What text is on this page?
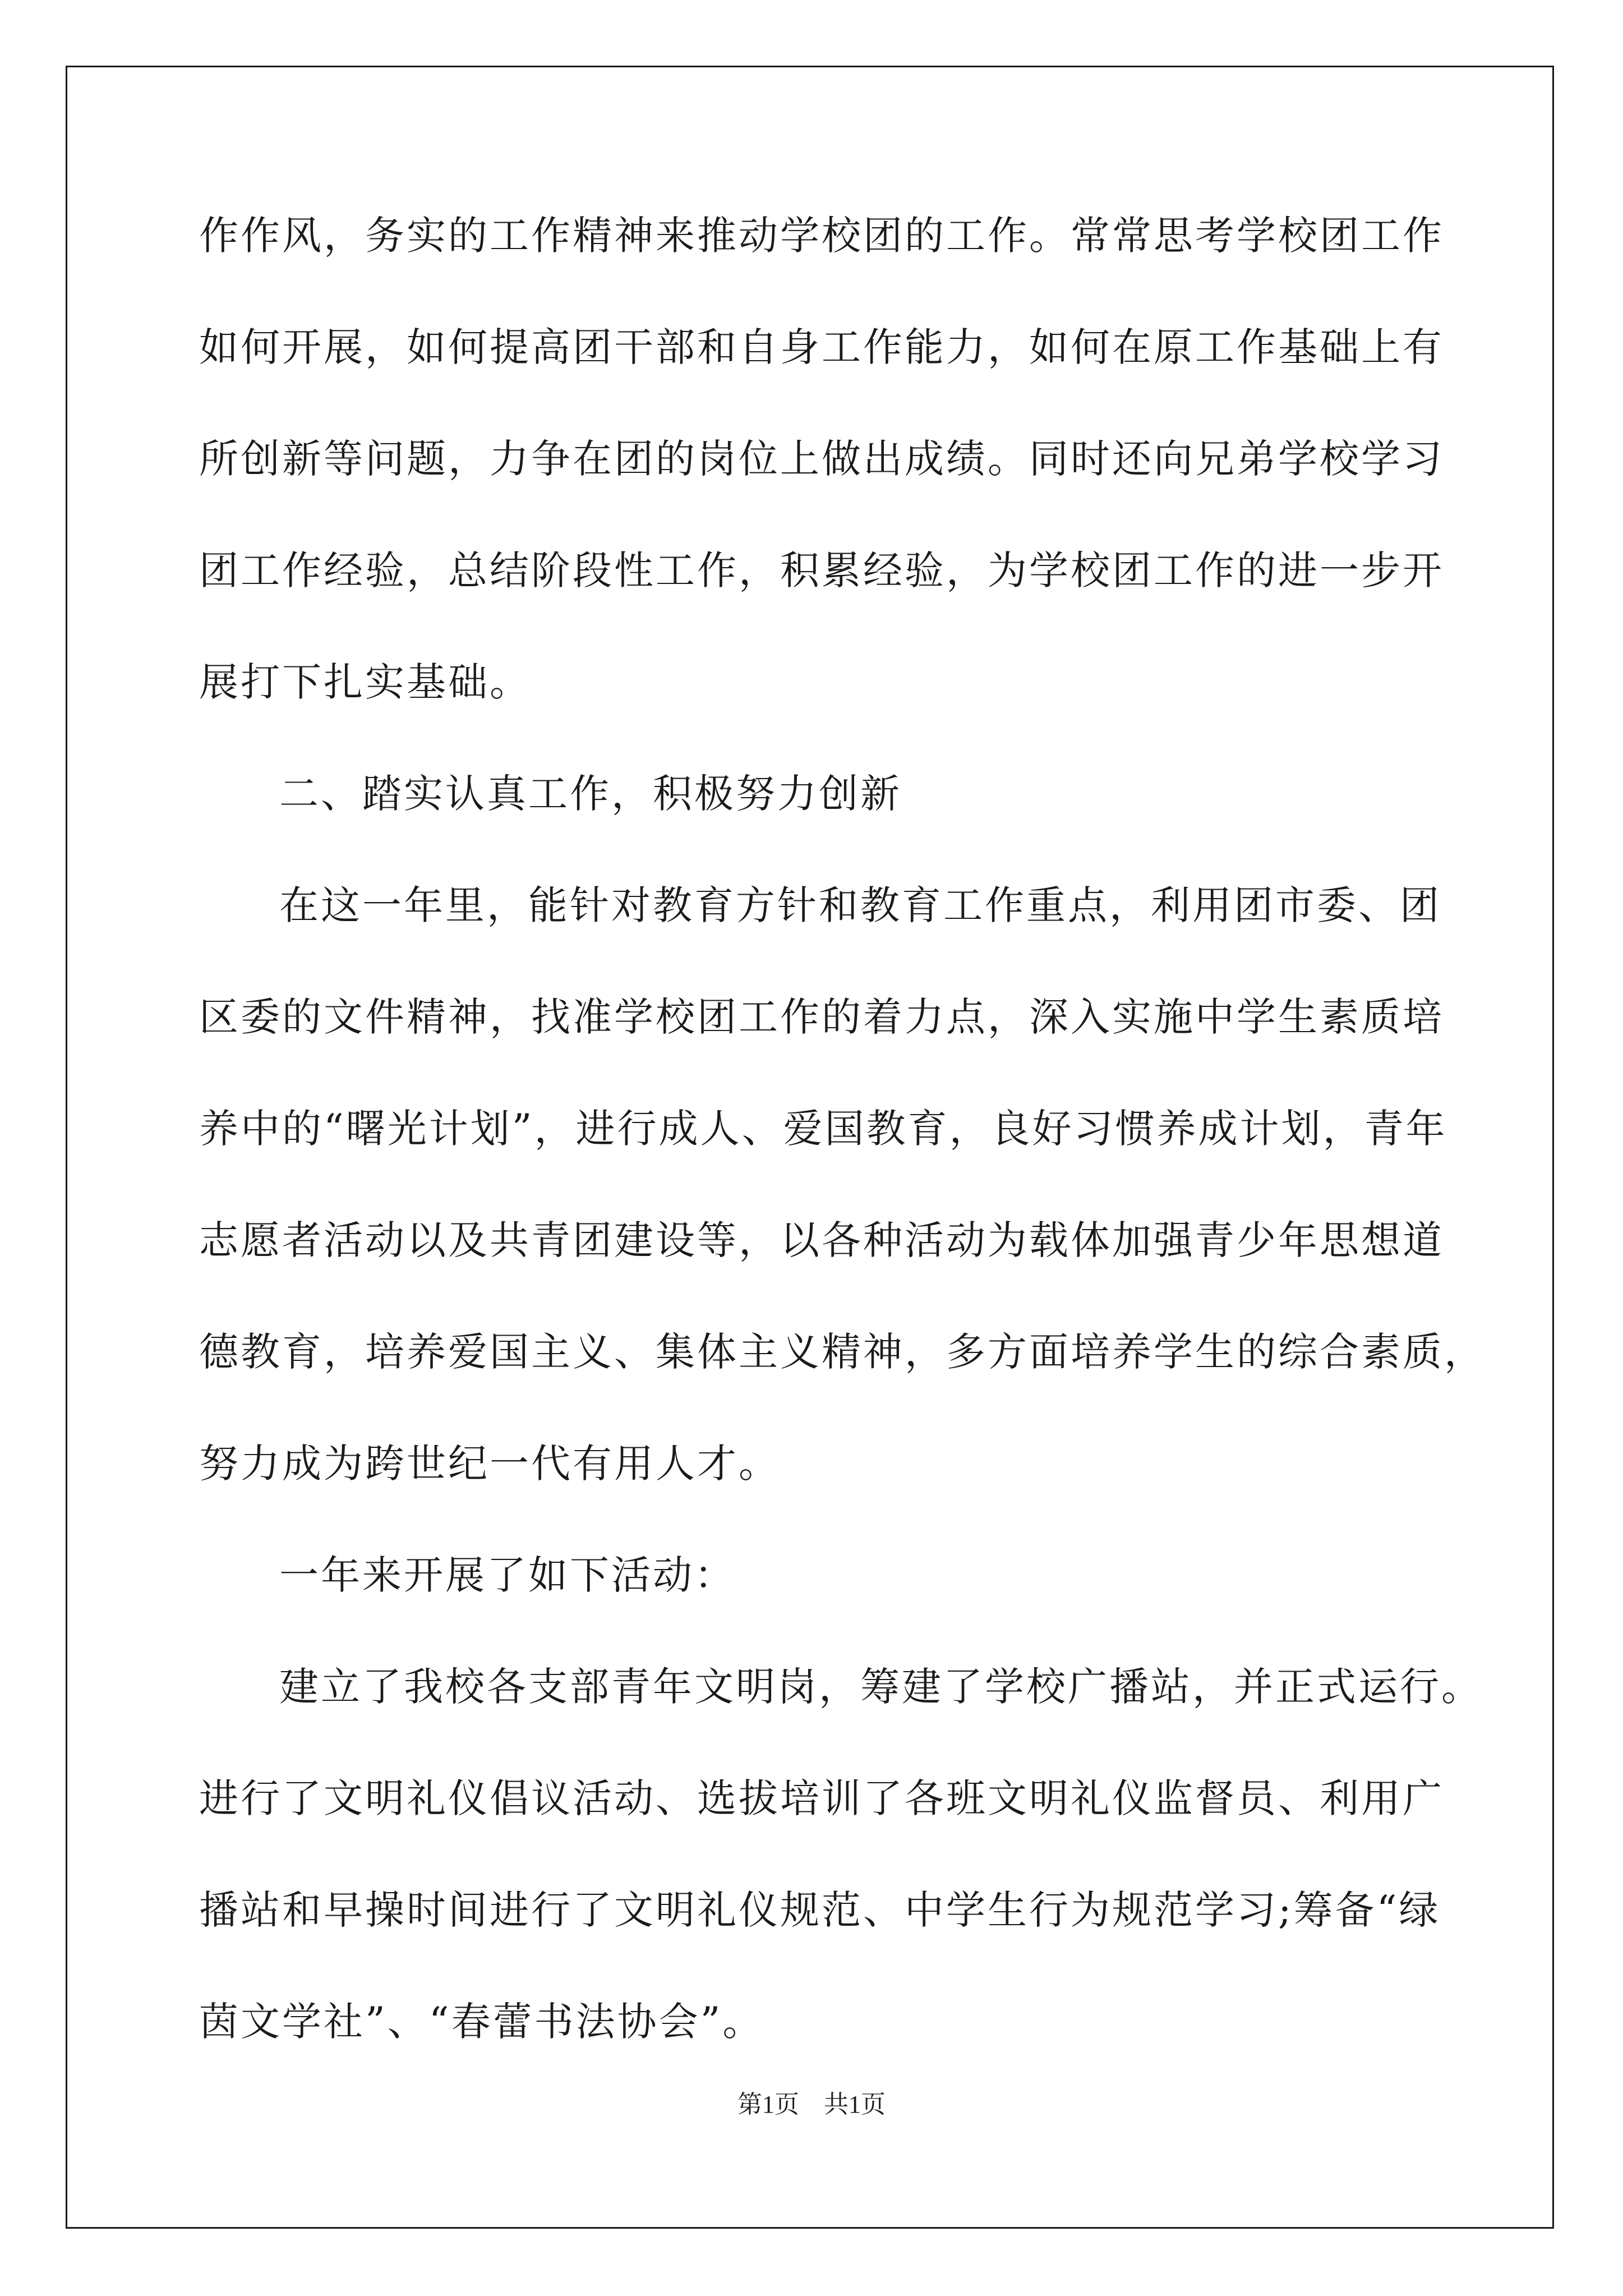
作作风，务实的工作精神来推动学校团的工作。常常思考学校团工作
如何开展，如何提高团干部和自身工作能力，如何在原工作基础上有
所创新等问题，力争在团的岗位上做出成绩。同时还向兄弟学校学习
团工作经验，总结阶段性工作，积累经验，为学校团工作的进一步开
展打下扎实基础。
二、踏实认真工作，积极努力创新
在这一年里，能针对教育方针和教育工作重点，利用团市委、团
区委的文件精神，找准学校团工作的着力点，深入实施中学生素质培
养中的“曙光计划”，进行成人、爱国教育，良好习惯养成计划，青年
志愿者活动以及共青团建设等，以各种活动为载体加强青少年思想道
德教育，培养爱国主义、集体主义精神，多方面培养学生的综合素质，
努力成为跨世纪一代有用人才。
一年来开展了如下活动：
建立了我校各支部青年文明岗，筹建了学校广播站，并正式运行。
进行了文明礼仪倡议活动、选拔培训了各班文明礼仪监督员、利用广
播站和早操时间进行了文明礼仪规范、中学生行为规范学习;筹备“绿
茵文学社”、“春蕾书法协会”。
第1页　共1页
